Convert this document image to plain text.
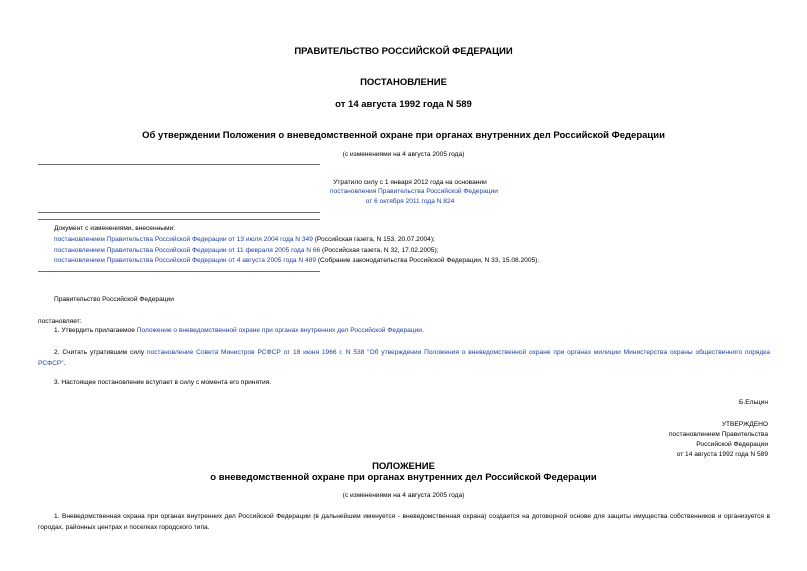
ПРАВИТЕЛЬСТВО РОССИЙСКОЙ ФЕДЕРАЦИИ
ПОСТАНОВЛЕНИЕ
от 14 августа 1992 года N 589
Об утверждении Положения о вневедомственной охране при органах внутренних дел Российской Федерации
(с изменениями на 4 августа 2005 года)
Утратило силу с 1 января 2012 года на основании
постановления Правительства Российской Федерации
от 6 октября 2011 года N 824
Документ с изменениями, внесенными:
постановлением Правительства Российской Федерации от 13 июля 2004 года N 349 (Российская газета, N 153, 20.07.2004);
постановлением Правительства Российской Федерации от 11 февраля 2005 года N 66 (Российская газета, N 32, 17.02.2005);
постановлением Правительства Российской Федерации от 4 августа 2005 года N 489 (Собрание законодательства Российской Федерации, N 33, 15.08.2005).
Правительство Российской Федерации
постановляет:
1. Утвердить прилагаемое Положение о вневедомственной охране при органах внутренних дел Российской Федерации.
2. Считать утратившим силу постановление Совета Министров РСФСР от 18 июня 1966 г. N 538 "Об утверждении Положения о вневедомственной охране при органах милиции Министерства охраны общественного порядка РСФСР".
3. Настоящее постановление вступает в силу с момента его принятия.
Б.Ельцин
УТВЕРЖДЕНО
постановлением Правительства
Российской Федерации
от 14 августа 1992 года N 589
ПОЛОЖЕНИЕ
о вневедомственной охране при органах внутренних дел Российской Федерации
(с изменениями на 4 августа 2005 года)
1. Вневедомственная охрана при органах внутренних дел Российской Федерации (в дальнейшем именуется - вневедомственная охрана) создается на договорной основе для защиты имущества собственников и организуется в городах, районных центрах и поселках городского типа.
